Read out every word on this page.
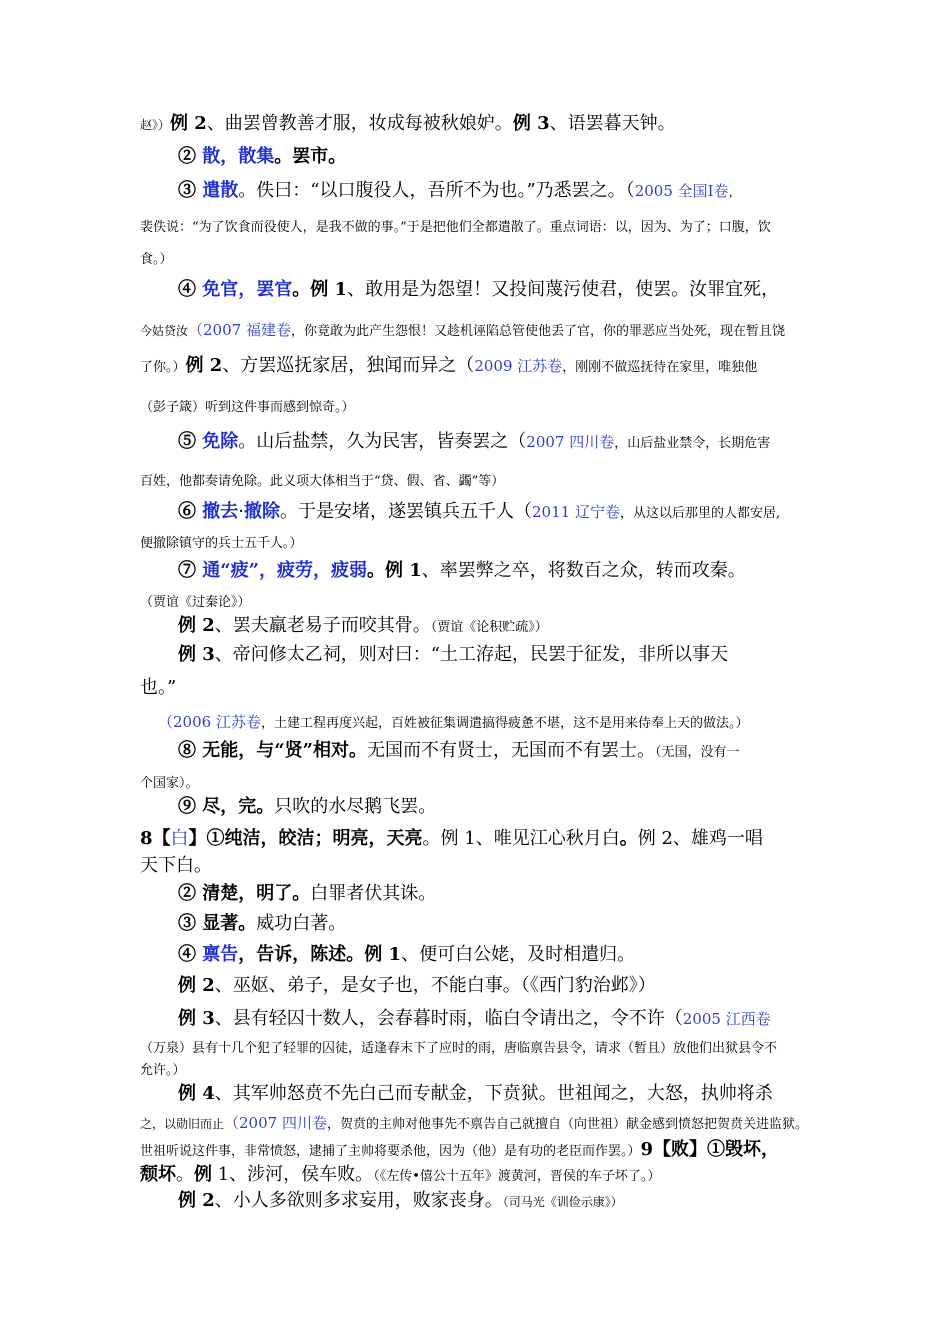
赵》）例 2、曲罢曾教善才服，妆成每被秋娘妒。例 3、语罢暮天钟。
② 散，散集。罢市。
③ 遣散。佚曰：“以口腹役人，吾所不为也。”乃悉罢之。（2005 全国Ⅰ卷，
裴佚说：“为了饮食而役使人，是我不做的事。”于是把他们全都遣散了。重点词语：以，因为、为了；口腹，饮
食。）
④ 免官，罢官。例 1、敢用是为怨望！又投间蔑污使君，使罢。汝罪宜死，
今姑贷汝（2007 福建卷，你竟敢为此产生怨恨！又趁机诬陷总管使他丢了官，你的罪恶应当处死，现在暂且饶
了你。）例 2、方罢巡抚家居，独闻而异之（2009 江苏卷，刚刚不做巡抚待在家里，唯独他
（彭子箴）听到这件事而感到惊奇。）
⑤ 免除。山后盐禁，久为民害，皆奏罢之（2007 四川卷，山后盐业禁令，长期危害
百姓，他都奏请免除。此义项大体相当于“贷、假、省、蠲”等）
⑥ 撤去·撤除。于是安堵，遂罢镇兵五千人（2011 辽宁卷，从这以后那里的人都安居,
便撤除镇守的兵士五千人。）
⑦ 通“疲”，疲劳，疲弱。例 1、率罢弊之卒，将数百之众，转而攻秦。
（贾谊《过秦论》）
例 2、罢夫羸老易子而咬其骨。（贾谊《论积贮疏》）
例 3、帝问修太乙祠，则对曰：“土工洊起，民罢于征发，非所以事天
也。”
（2006 江苏卷，土建工程再度兴起，百姓被征集调遣搞得疲惫不堪，这不是用来侍奉上天的做法。）
⑧ 无能，与“贤”相对。无国而不有贤士，无国而不有罢士。（无国，没有一
个国家）。
⑨ 尽，完。只吹的水尽鹅飞罢。
8【白】①纯洁，皎洁；明亮，天亮。例 1、唯见江心秋月白。例 2、雄鸡一唱
天下白。
② 清楚，明了。白罪者伏其诛。
③ 显著。威功白著。
④ 禀告，告诉，陈述。例 1、便可白公姥，及时相遣归。
例 2、巫妪、弟子，是女子也，不能白事。（《西门豹治邺》）
例 3、县有轻囚十数人，会春暮时雨，临白令请出之，令不许（2005 江西卷
（万泉）县有十几个犯了轻罪的囚徒，适逢春末下了应时的雨，唐临禀告县令，请求（暂且）放他们出狱县令不
允许。）
例 4、其军帅怒贲不先白己而专献金，下贲狱。世祖闻之，大怒，执帅将杀
之，以勋旧而止（2007 四川卷，贺贲的主帅对他事先不禀告自己就擅自（向世祖）献金感到愤怒把贺贲关进监狱。
世祖听说这件事，非常愤怒，逮捕了主帅将要杀他，因为（他）是有功的老臣而作罢。）9【败】①毁坏，
颓坏。例 1、涉河，侯车败。（《左传•僖公十五年》渡黄河，晋侯的车子坏了。）
例 2、小人多欲则多求妄用，败家丧身。（司马光《训俭示康》）
